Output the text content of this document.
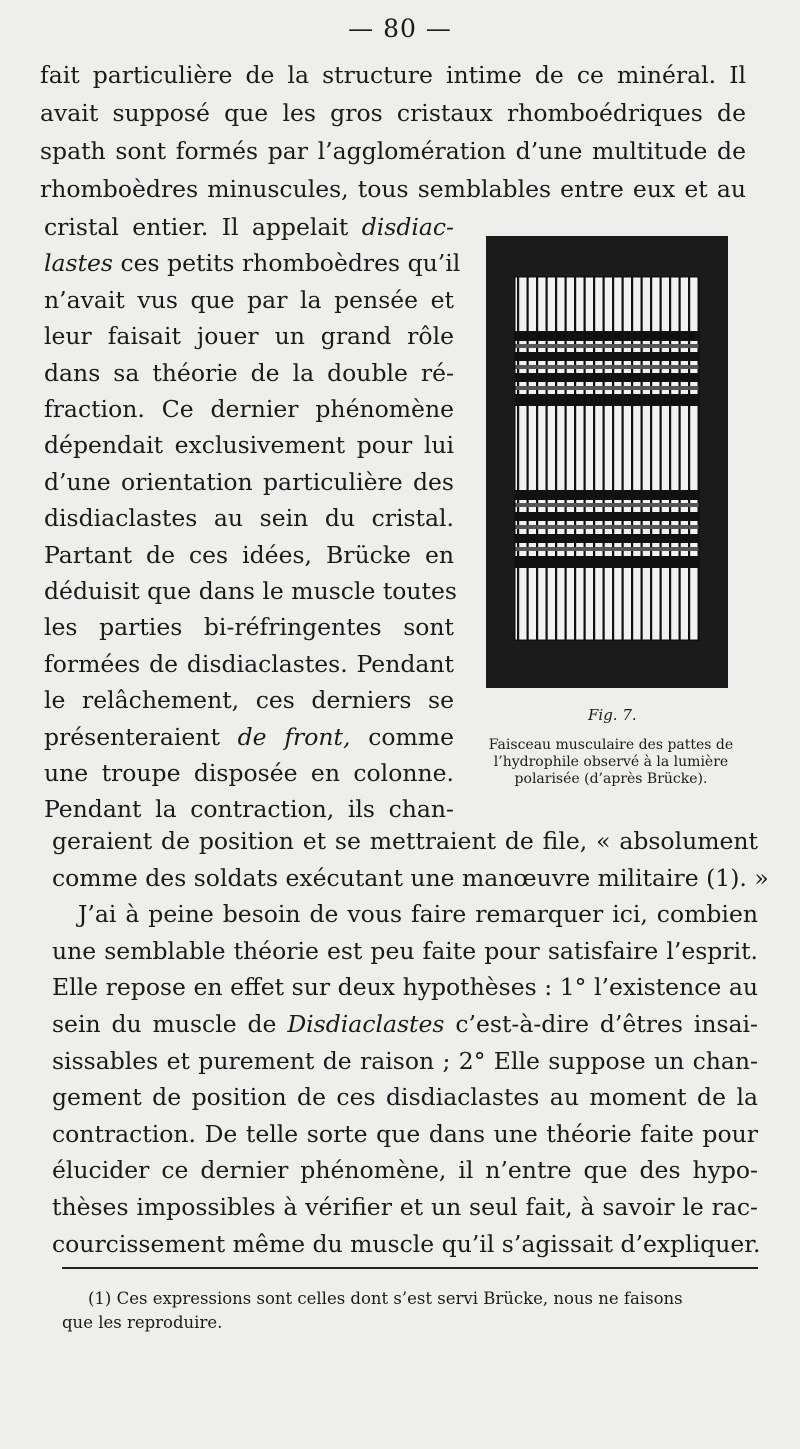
— 80 —
fait particulière de la structure intime de ce minéral. Il
avait supposé que les gros cristaux rhomboédriques de
spath sont formés par l’agglomération d’une multitude de
rhomboèdres minuscules, tous semblables entre eux et au
cristal entier. Il appelait disdiac-
lastes ces petits rhomboèdres qu’il
n’avait vus que par la pensée et
leur faisait jouer un grand rôle
dans sa théorie de la double ré-
fraction. Ce dernier phénomène
dépendait exclusivement pour lui
d’une orientation particulière des
disdiaclastes au sein du cristal.
Partant de ces idées, Brücke en
déduisit que dans le muscle toutes
les parties bi-réfringentes sont
formées de disdiaclastes. Pendant
le relâchement, ces derniers se
présenteraient de front, comme
une troupe disposée en colonne.
Pendant la contraction, ils chan-
geraient de position et se mettraient de file, « absolument
comme des soldats exécutant une manœuvre militaire (1). »
J’ai à peine besoin de vous faire remarquer ici, combien
une semblable théorie est peu faite pour satisfaire l’esprit.
Elle repose en effet sur deux hypothèses : 1° l’existence au
sein du muscle de Disdiaclastes c’est-à-dire d’êtres insai-
sissables et purement de raison ; 2° Elle suppose un chan-
gement de position de ces disdiaclastes au moment de la
contraction. De telle sorte que dans une théorie faite pour
élucider ce dernier phénomène, il n’entre que des hypo-
thèses impossibles à vérifier et un seul fait, à savoir le rac-
courcissement même du muscle qu’il s’agissait d’expliquer.
Fig. 7.
Faisceau musculaire des pattes de
l’hydrophile observé à la lumière
polarisée (d’après Brücke).
(1) Ces expressions sont celles dont s’est servi Brücke, nous ne faisons
que les reproduire.
